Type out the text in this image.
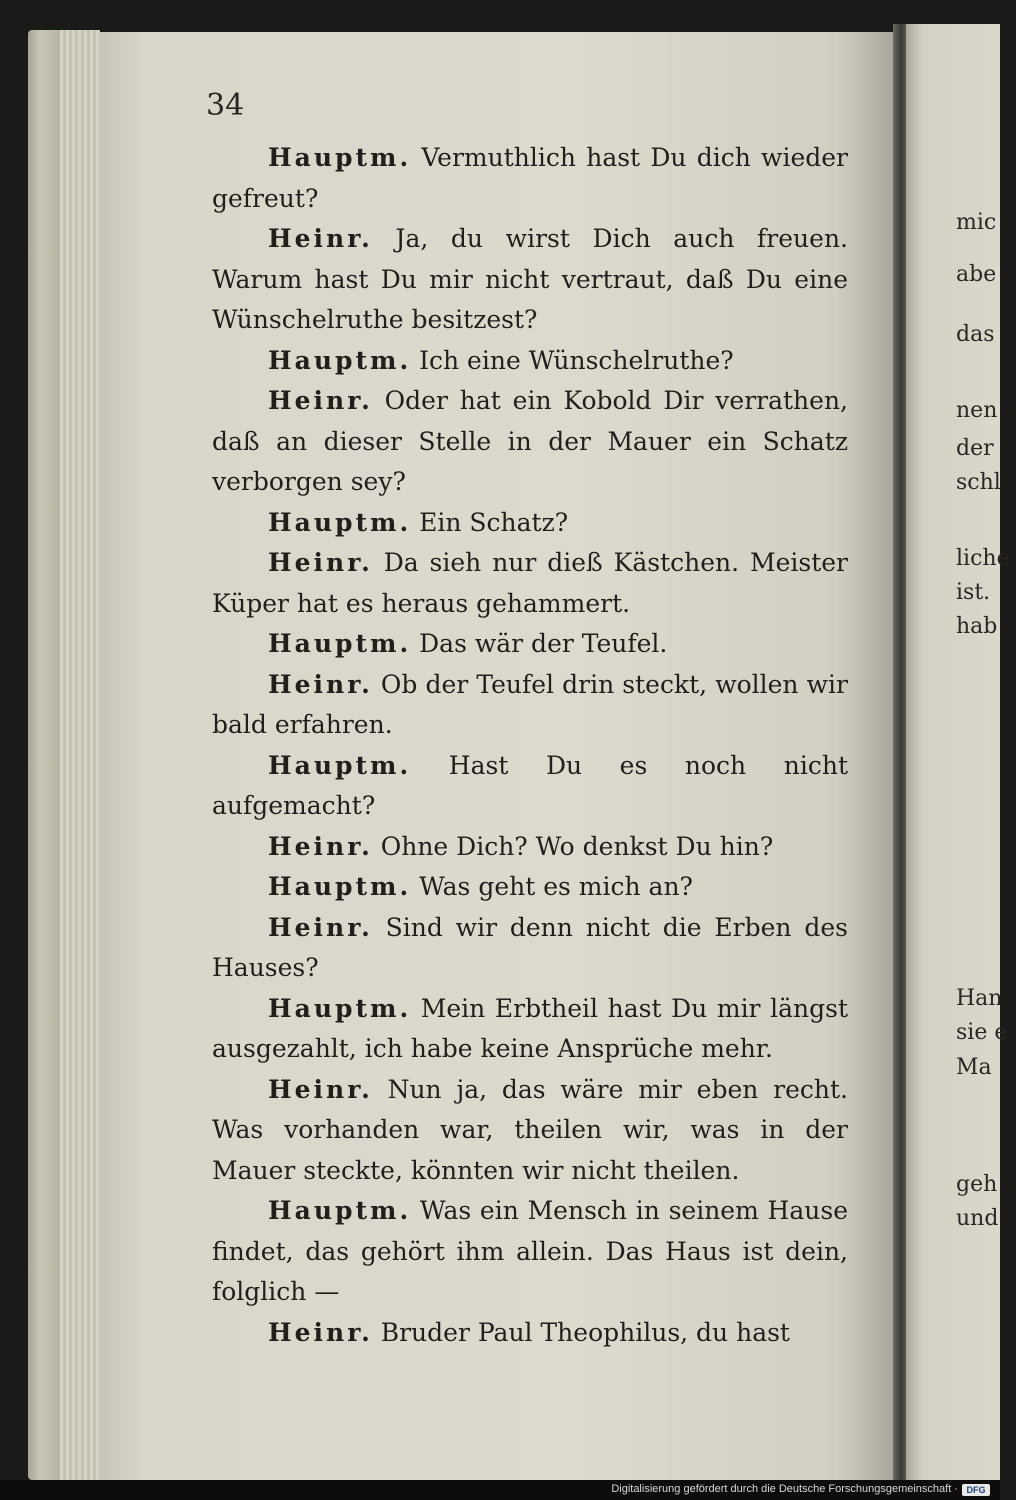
34

Hauptm. Vermuthlich hast Du dich wieder gefreut?

Heinr. Ja, du wirst Dich auch freuen. Warum hast Du mir nicht vertraut, daß Du eine Wünschelruthe besitzest?

Hauptm. Ich eine Wünschelruthe?

Heinr. Oder hat ein Kobold Dir verrathen, daß an dieser Stelle in der Mauer ein Schatz verborgen sey?

Hauptm. Ein Schatz?

Heinr. Da sieh nur dieß Kästchen. Meister Küper hat es heraus gehammert.

Hauptm. Das wär der Teufel.

Heinr. Ob der Teufel drin steckt, wollen wir bald erfahren.

Hauptm. Hast Du es noch nicht aufgemacht?

Heinr. Ohne Dich? Wo denkst Du hin?

Hauptm. Was geht es mich an?

Heinr. Sind wir denn nicht die Erben des Hauses?

Hauptm. Mein Erbtheil hast Du mir längst ausgezahlt, ich habe keine Ansprüche mehr.

Heinr. Nun ja, das wäre mir eben recht. Was vorhanden war, theilen wir, was in der Mauer steckte, könnten wir nicht theilen.

Hauptm. Was ein Mensch in seinem Hause findet, das gehört ihm allein. Das Haus ist dein, folglich —

Heinr. Bruder Paul Theophilus, du hast

mic
abe
das
nen
der
schl
liche
ist.
hab
Han
sie e
Ma
geh
und

Digitalisierung gefördert durch die Deutsche Forschungsgemeinschaft · DFG
